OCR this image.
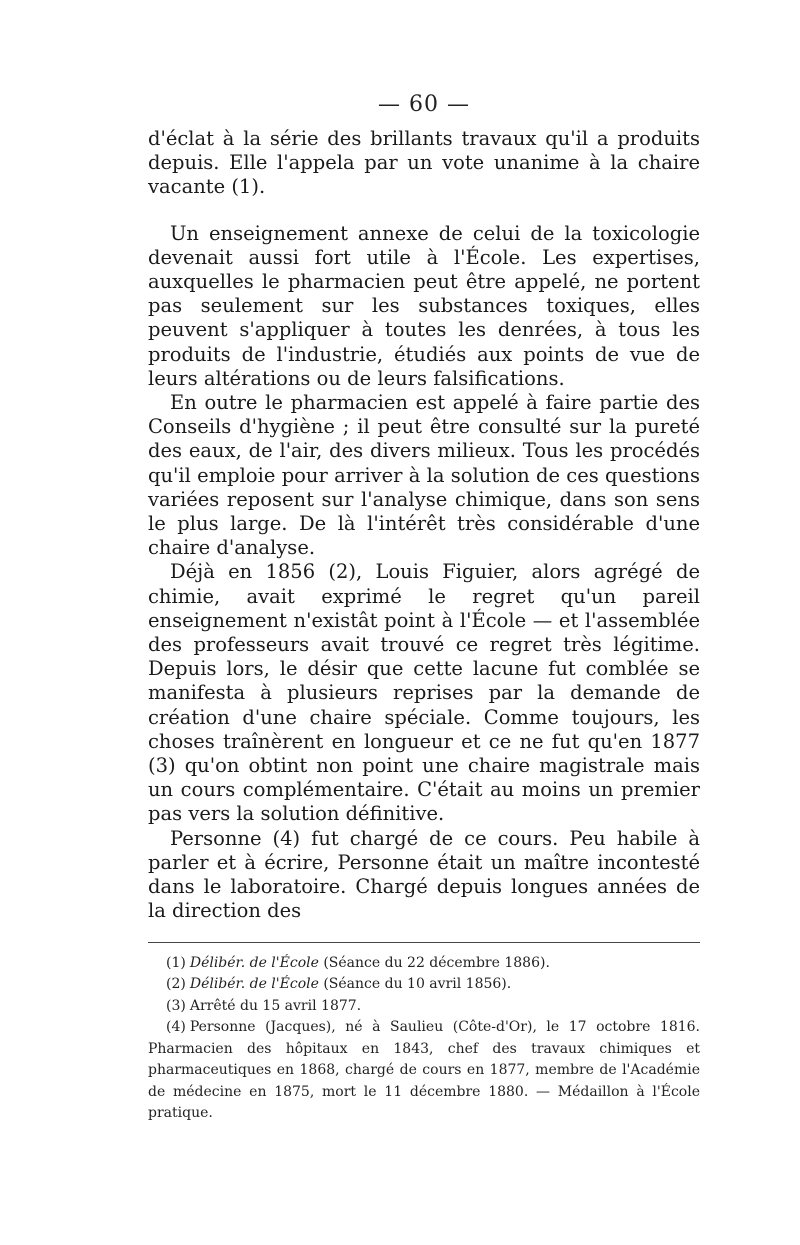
— 60 —

d'éclat à la série des brillants travaux qu'il a produits depuis. Elle l'appela par un vote unanime à la chaire vacante (1).

Un enseignement annexe de celui de la toxicologie devenait aussi fort utile à l'École. Les expertises, auxquelles le pharmacien peut être appelé, ne portent pas seulement sur les substances toxiques, elles peuvent s'appliquer à toutes les denrées, à tous les produits de l'industrie, étudiés aux points de vue de leurs altérations ou de leurs falsifications.

En outre le pharmacien est appelé à faire partie des Conseils d'hygiène ; il peut être consulté sur la pureté des eaux, de l'air, des divers milieux. Tous les procédés qu'il emploie pour arriver à la solution de ces questions variées reposent sur l'analyse chimique, dans son sens le plus large. De là l'intérêt très considérable d'une chaire d'analyse.

Déjà en 1856 (2), Louis Figuier, alors agrégé de chimie, avait exprimé le regret qu'un pareil enseignement n'existât point à l'École — et l'assemblée des professeurs avait trouvé ce regret très légitime. Depuis lors, le désir que cette lacune fut comblée se manifesta à plusieurs reprises par la demande de création d'une chaire spéciale. Comme toujours, les choses traînèrent en longueur et ce ne fut qu'en 1877 (3) qu'on obtint non point une chaire magistrale mais un cours complémentaire. C'était au moins un premier pas vers la solution définitive.

Personne (4) fut chargé de ce cours. Peu habile à parler et à écrire, Personne était un maître incontesté dans le laboratoire. Chargé depuis longues années de la direction des

(1) Délibér. de l'École (Séance du 22 décembre 1886).

(2) Délibér. de l'École (Séance du 10 avril 1856).

(3) Arrêté du 15 avril 1877.

(4) Personne (Jacques), né à Saulieu (Côte-d'Or), le 17 octobre 1816. Pharmacien des hôpitaux en 1843, chef des travaux chimiques et pharmaceutiques en 1868, chargé de cours en 1877, membre de l'Académie de médecine en 1875, mort le 11 décembre 1880. — Médaillon à l'École pratique.
